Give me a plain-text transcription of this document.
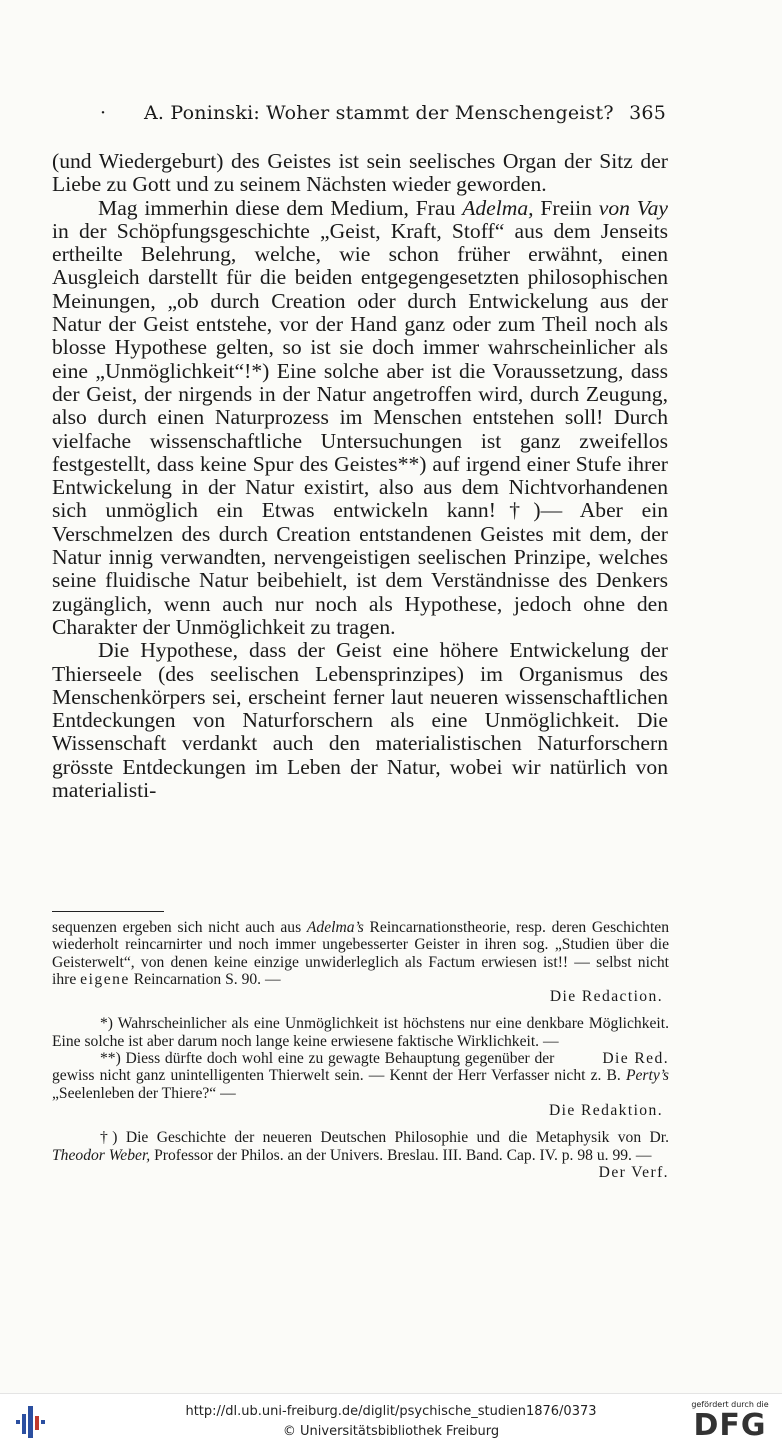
· A. Poninski: Woher stammt der Menschengeist? 365

(und Wiedergeburt) des Geistes ist sein seelisches Organ der Sitz der Liebe zu Gott und zu seinem Nächsten wieder geworden.

Mag immerhin diese dem Medium, Frau Adelma, Freiin von Vay in der Schöpfungsgeschichte „Geist, Kraft, Stoff“ aus dem Jenseits ertheilte Belehrung, welche, wie schon früher erwähnt, einen Ausgleich darstellt für die beiden entgegengesetzten philosophischen Meinungen, „ob durch Creation oder durch Entwickelung aus der Natur der Geist entstehe, vor der Hand ganz oder zum Theil noch als blosse Hypothese gelten, so ist sie doch immer wahrscheinlicher als eine „Unmöglichkeit“!*) Eine solche aber ist die Voraussetzung, dass der Geist, der nirgends in der Natur angetroffen wird, durch Zeugung, also durch einen Naturprozess im Menschen entstehen soll! Durch vielfache wissenschaftliche Untersuchungen ist ganz zweifellos festgestellt, dass keine Spur des Geistes**) auf irgend einer Stufe ihrer Entwickelung in der Natur existirt, also aus dem Nichtvorhandenen sich unmöglich ein Etwas entwickeln kann!†)— Aber ein Verschmelzen des durch Creation entstandenen Geistes mit dem, der Natur innig verwandten, nervengeistigen seelischen Prinzipe, welches seine fluidische Natur beibehielt, ist dem Verständnisse des Denkers zugänglich, wenn auch nur noch als Hypothese, jedoch ohne den Charakter der Unmöglichkeit zu tragen.

Die Hypothese, dass der Geist eine höhere Entwickelung der Thierseele (des seelischen Lebensprinzipes) im Organismus des Menschenkörpers sei, erscheint ferner laut neueren wissenschaftlichen Entdeckungen von Naturforschern als eine Unmöglichkeit. Die Wissenschaft verdankt auch den materialistischen Naturforschern grösste Entdeckungen im Leben der Natur, wobei wir natürlich von materialisti-

sequenzen ergeben sich nicht auch aus Adelma’s Reincarnationstheorie, resp. deren Geschichten wiederholt reincarnirter und noch immer ungebesserter Geister in ihren sog. „Studien über die Geisterwelt“, von denen keine einzige unwiderleglich als Factum erwiesen ist!! — selbst nicht ihre eigene Reincarnation S. 90. —

Die Redaction.

*) Wahrscheinlicher als eine Unmöglichkeit ist höchstens nur eine denkbare Möglichkeit. Eine solche ist aber darum noch lange keine erwiesene faktische Wirklichkeit. —
Die Red.

**) Diess dürfte doch wohl eine zu gewagte Behauptung gegenüber der gewiss nicht ganz unintelligenten Thierwelt sein. — Kennt der Herr Verfasser nicht z. B. Perty’s „Seelenleben der Thiere?“ —

Die Redaktion.

†) Die Geschichte der neueren Deutschen Philosophie und die Metaphysik von Dr. Theodor Weber, Professor der Philos. an der Univers. Breslau. III. Band. Cap. IV. p. 98 u. 99. —
Der Verf.

http://dl.ub.uni-freiburg.de/diglit/psychische_studien1876/0373
© Universitätsbibliothek Freiburg
gefördert durch die
DFG
